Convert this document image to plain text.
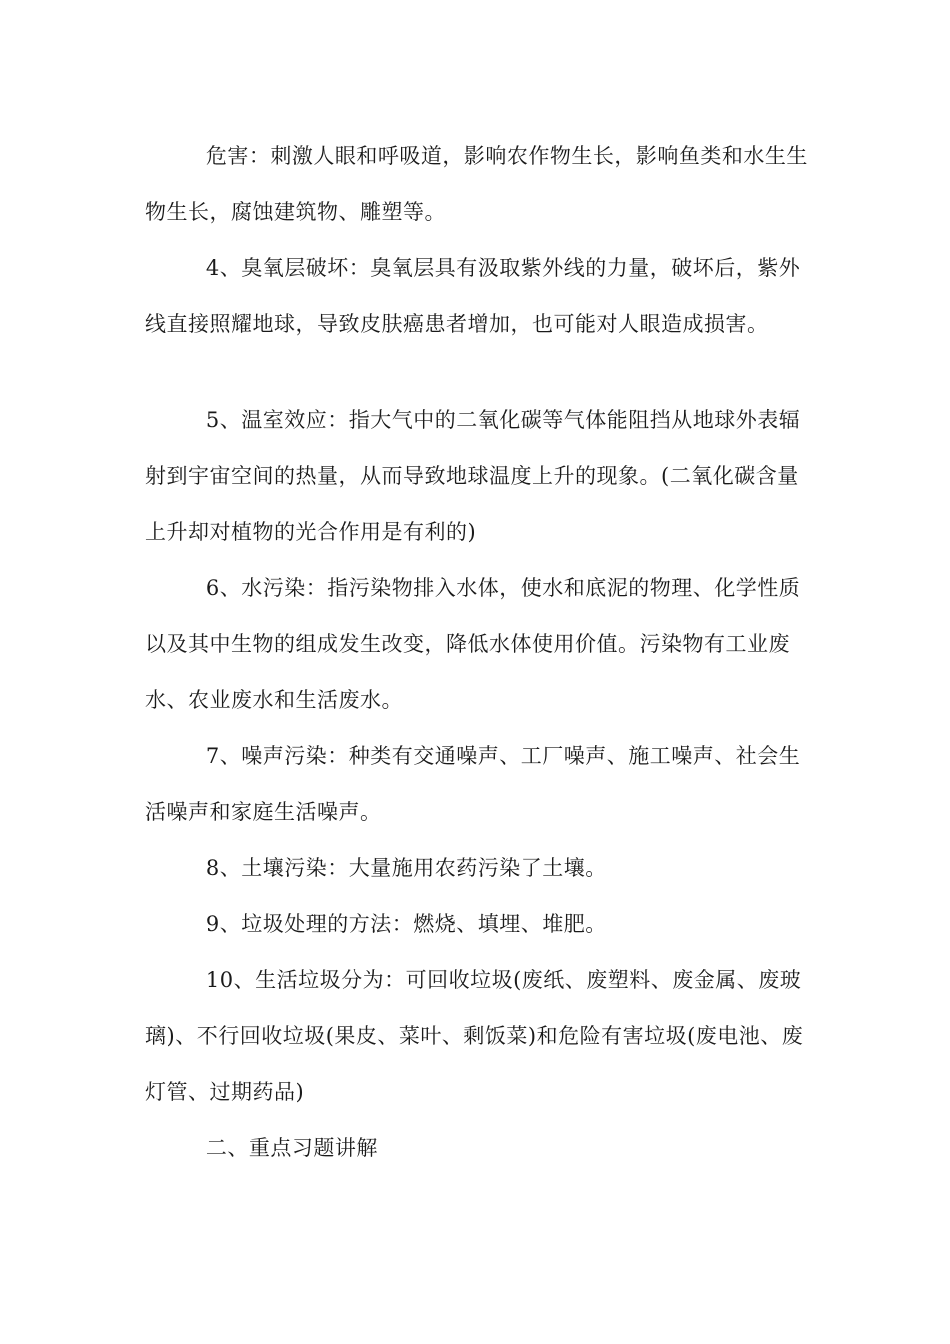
危害：刺激人眼和呼吸道，影响农作物生长，影响鱼类和水生生物生长，腐蚀建筑物、雕塑等。

4、臭氧层破坏：臭氧层具有汲取紫外线的力量，破坏后，紫外线直接照耀地球，导致皮肤癌患者增加，也可能对人眼造成损害。

5、温室效应：指大气中的二氧化碳等气体能阻挡从地球外表辐射到宇宙空间的热量，从而导致地球温度上升的现象。(二氧化碳含量上升却对植物的光合作用是有利的)

6、水污染：指污染物排入水体，使水和底泥的物理、化学性质以及其中生物的组成发生改变，降低水体使用价值。污染物有工业废水、农业废水和生活废水。

7、噪声污染：种类有交通噪声、工厂噪声、施工噪声、社会生活噪声和家庭生活噪声。

8、土壤污染：大量施用农药污染了土壤。

9、垃圾处理的方法：燃烧、填埋、堆肥。

10、生活垃圾分为：可回收垃圾(废纸、废塑料、废金属、废玻璃)、不行回收垃圾(果皮、菜叶、剩饭菜)和危险有害垃圾(废电池、废灯管、过期药品)

二、重点习题讲解
